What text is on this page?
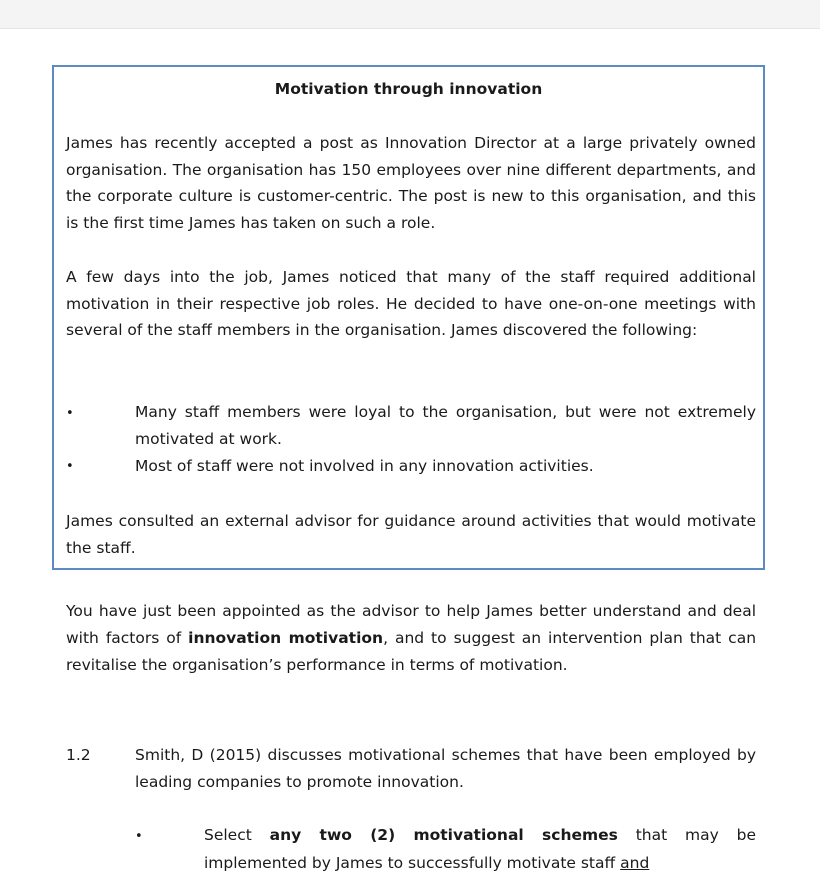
Motivation through innovation
James has recently accepted a post as Innovation Director at a large privately owned organisation. The organisation has 150 employees over nine different departments, and the corporate culture is customer-centric. The post is new to this organisation, and this is the first time James has taken on such a role.
A few days into the job, James noticed that many of the staff required additional motivation in their respective job roles. He decided to have one-on-one meetings with several of the staff members in the organisation. James discovered the following:
•	Many staff members were loyal to the organisation, but were not extremely motivated at work.
•	Most of staff were not involved in any innovation activities.
James consulted an external advisor for guidance around activities that would motivate the staff.
You have just been appointed as the advisor to help James better understand and deal with factors of innovation motivation, and to suggest an intervention plan that can revitalise the organisation’s performance in terms of motivation.
1.2	Smith, D (2015) discusses motivational schemes that have been employed by leading companies to promote innovation.
•	Select any two (2) motivational schemes that may be implemented by James to successfully motivate staff and
